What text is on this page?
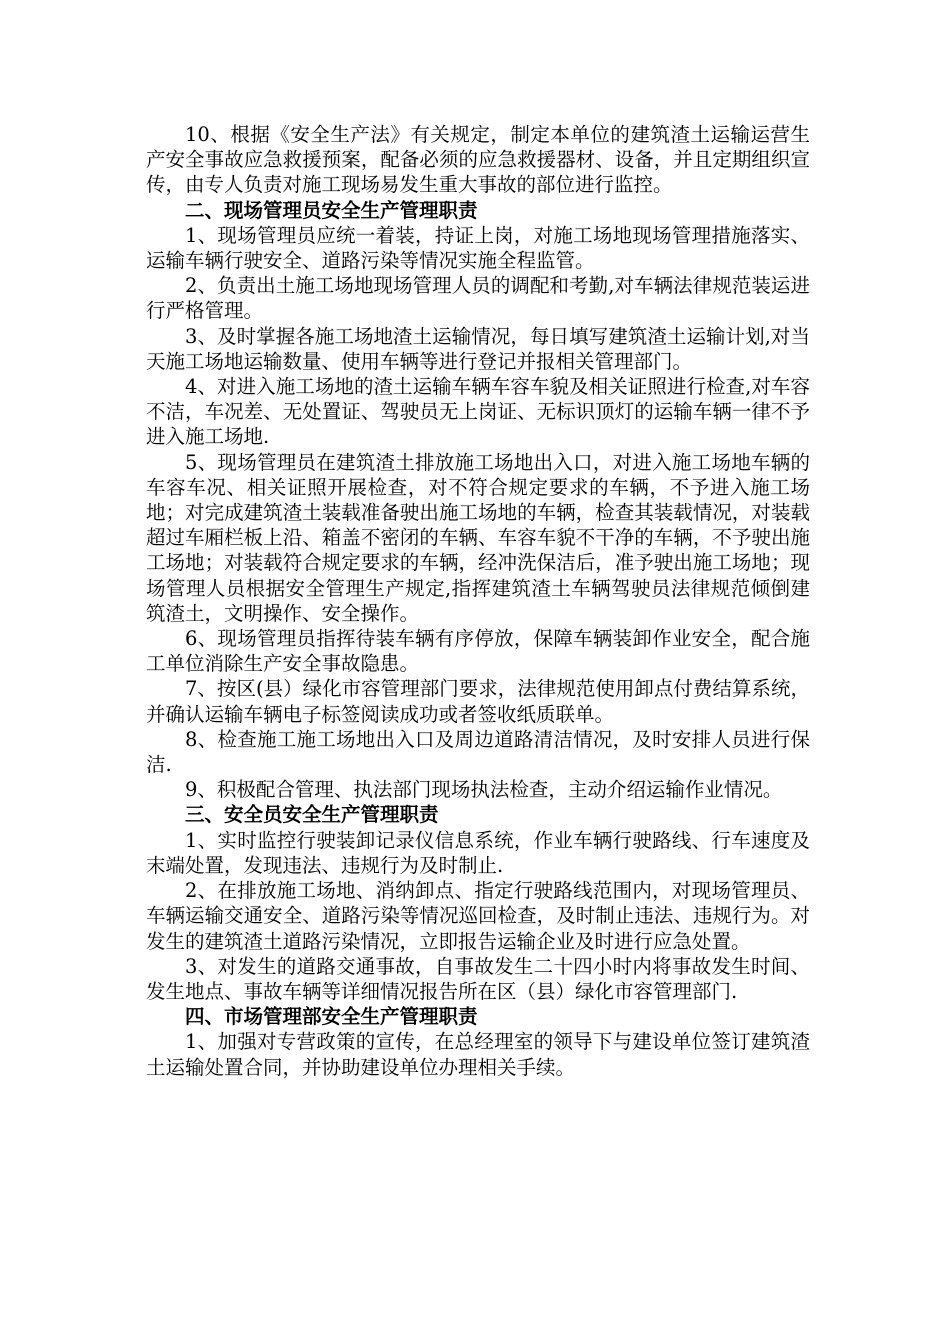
10、根据《安全生产法》有关规定，制定本单位的建筑渣土运输运营生产安全事故应急救援预案，配备必须的应急救援器材、设备，并且定期组织宣传，由专人负责对施工现场易发生重大事故的部位进行监控。

二、现场管理员安全生产管理职责

1、现场管理员应统一着装，持证上岗，对施工场地现场管理措施落实、运输车辆行驶安全、道路污染等情况实施全程监管。

2、负责出土施工场地现场管理人员的调配和考勤,对车辆法律规范装运进行严格管理。

3、及时掌握各施工场地渣土运输情况，每日填写建筑渣土运输计划,对当天施工场地运输数量、使用车辆等进行登记并报相关管理部门。

4、对进入施工场地的渣土运输车辆车容车貌及相关证照进行检查,对车容不洁，车况差、无处置证、驾驶员无上岗证、无标识顶灯的运输车辆一律不予进入施工场地.

5、现场管理员在建筑渣土排放施工场地出入口，对进入施工场地车辆的车容车况、相关证照开展检查，对不符合规定要求的车辆，不予进入施工场地；对完成建筑渣土装载准备驶出施工场地的车辆，检查其装载情况，对装载超过车厢栏板上沿、箱盖不密闭的车辆、车容车貌不干净的车辆，不予驶出施工场地；对装载符合规定要求的车辆，经冲洗保洁后，准予驶出施工场地；现场管理人员根据安全管理生产规定,指挥建筑渣土车辆驾驶员法律规范倾倒建筑渣土，文明操作、安全操作。

6、现场管理员指挥待装车辆有序停放，保障车辆装卸作业安全，配合施工单位消除生产安全事故隐患。

7、按区(县）绿化市容管理部门要求，法律规范使用卸点付费结算系统，并确认运输车辆电子标签阅读成功或者签收纸质联单。

8、检查施工施工场地出入口及周边道路清洁情况，及时安排人员进行保洁.

9、积极配合管理、执法部门现场执法检查，主动介绍运输作业情况。

三、安全员安全生产管理职责

1、实时监控行驶装卸记录仪信息系统，作业车辆行驶路线、行车速度及末端处置，发现违法、违规行为及时制止.

2、在排放施工场地、消纳卸点、指定行驶路线范围内，对现场管理员、车辆运输交通安全、道路污染等情况巡回检查，及时制止违法、违规行为。对发生的建筑渣土道路污染情况，立即报告运输企业及时进行应急处置。

3、对发生的道路交通事故，自事故发生二十四小时内将事故发生时间、发生地点、事故车辆等详细情况报告所在区（县）绿化市容管理部门.

四、市场管理部安全生产管理职责

1、加强对专营政策的宣传，在总经理室的领导下与建设单位签订建筑渣土运输处置合同，并协助建设单位办理相关手续。
